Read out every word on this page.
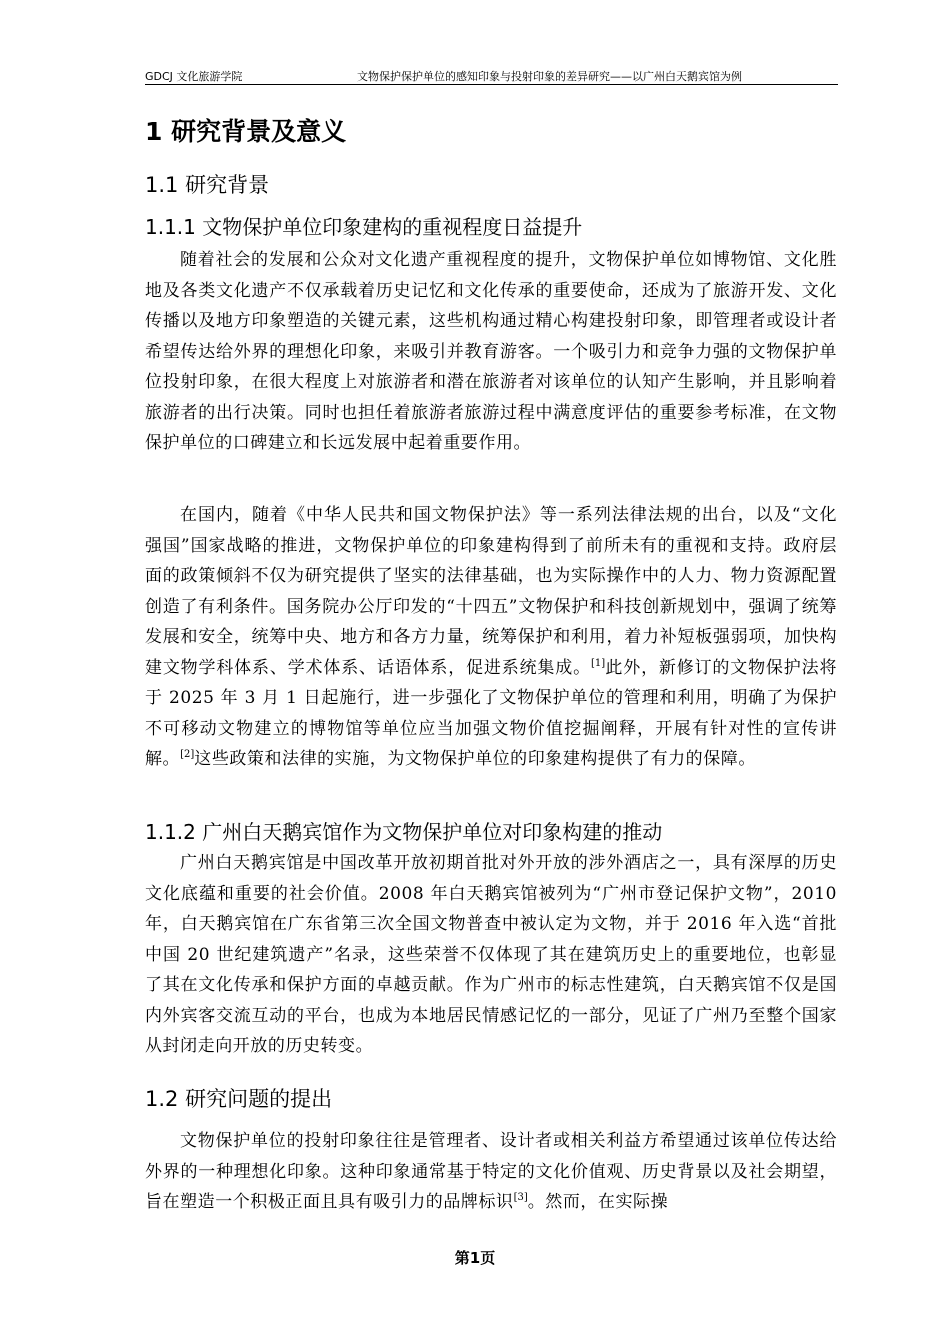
GDCJ 文化旅游学院	文物保护保护单位的感知印象与投射印象的差异研究——以广州白天鹅宾馆为例
1 研究背景及意义
1.1 研究背景
1.1.1 文物保护单位印象建构的重视程度日益提升

随着社会的发展和公众对文化遗产重视程度的提升，文物保护单位如博物馆、文化胜地及各类文化遗产不仅承载着历史记忆和文化传承的重要使命，还成为了旅游开发、文化传播以及地方印象塑造的关键元素，这些机构通过精心构建投射印象，即管理者或设计者希望传达给外界的理想化印象，来吸引并教育游客。一个吸引力和竞争力强的文物保护单位投射印象，在很大程度上对旅游者和潜在旅游者对该单位的认知产生影响，并且影响着旅游者的出行决策。同时也担任着旅游者旅游过程中满意度评估的重要参考标准，在文物保护单位的口碑建立和长远发展中起着重要作用。

在国内，随着《中华人民共和国文物保护法》等一系列法律法规的出台，以及“文化强国”国家战略的推进，文物保护单位的印象建构得到了前所未有的重视和支持。政府层面的政策倾斜不仅为研究提供了坚实的法律基础，也为实际操作中的人力、物力资源配置创造了有利条件。国务院办公厅印发的“十四五”文物保护和科技创新规划中，强调了统筹发展和安全，统筹中央、地方和各方力量，统筹保护和利用，着力补短板强弱项，加快构建文物学科体系、学术体系、话语体系，促进系统集成。[1]此外，新修订的文物保护法将于 2025 年 3 月 1 日起施行，进一步强化了文物保护单位的管理和利用，明确了为保护不可移动文物建立的博物馆等单位应当加强文物价值挖掘阐释，开展有针对性的宣传讲解。[2]这些政策和法律的实施，为文物保护单位的印象建构提供了有力的保障。

1.1.2 广州白天鹅宾馆作为文物保护单位对印象构建的推动

广州白天鹅宾馆是中国改革开放初期首批对外开放的涉外酒店之一，具有深厚的历史文化底蕴和重要的社会价值。2008 年白天鹅宾馆被列为“广州市登记保护文物”，2010 年，白天鹅宾馆在广东省第三次全国文物普查中被认定为文物，并于 2016 年入选“首批中国 20 世纪建筑遗产”名录，这些荣誉不仅体现了其在建筑历史上的重要地位，也彰显了其在文化传承和保护方面的卓越贡献。作为广州市的标志性建筑，白天鹅宾馆不仅是国内外宾客交流互动的平台，也成为本地居民情感记忆的一部分，见证了广州乃至整个国家从封闭走向开放的历史转变。

1.2 研究问题的提出

文物保护单位的投射印象往往是管理者、设计者或相关利益方希望通过该单位传达给外界的一种理想化印象。这种印象通常基于特定的文化价值观、历史背景以及社会期望，旨在塑造一个积极正面且具有吸引力的品牌标识[3]。然而，在实际操

第1页
